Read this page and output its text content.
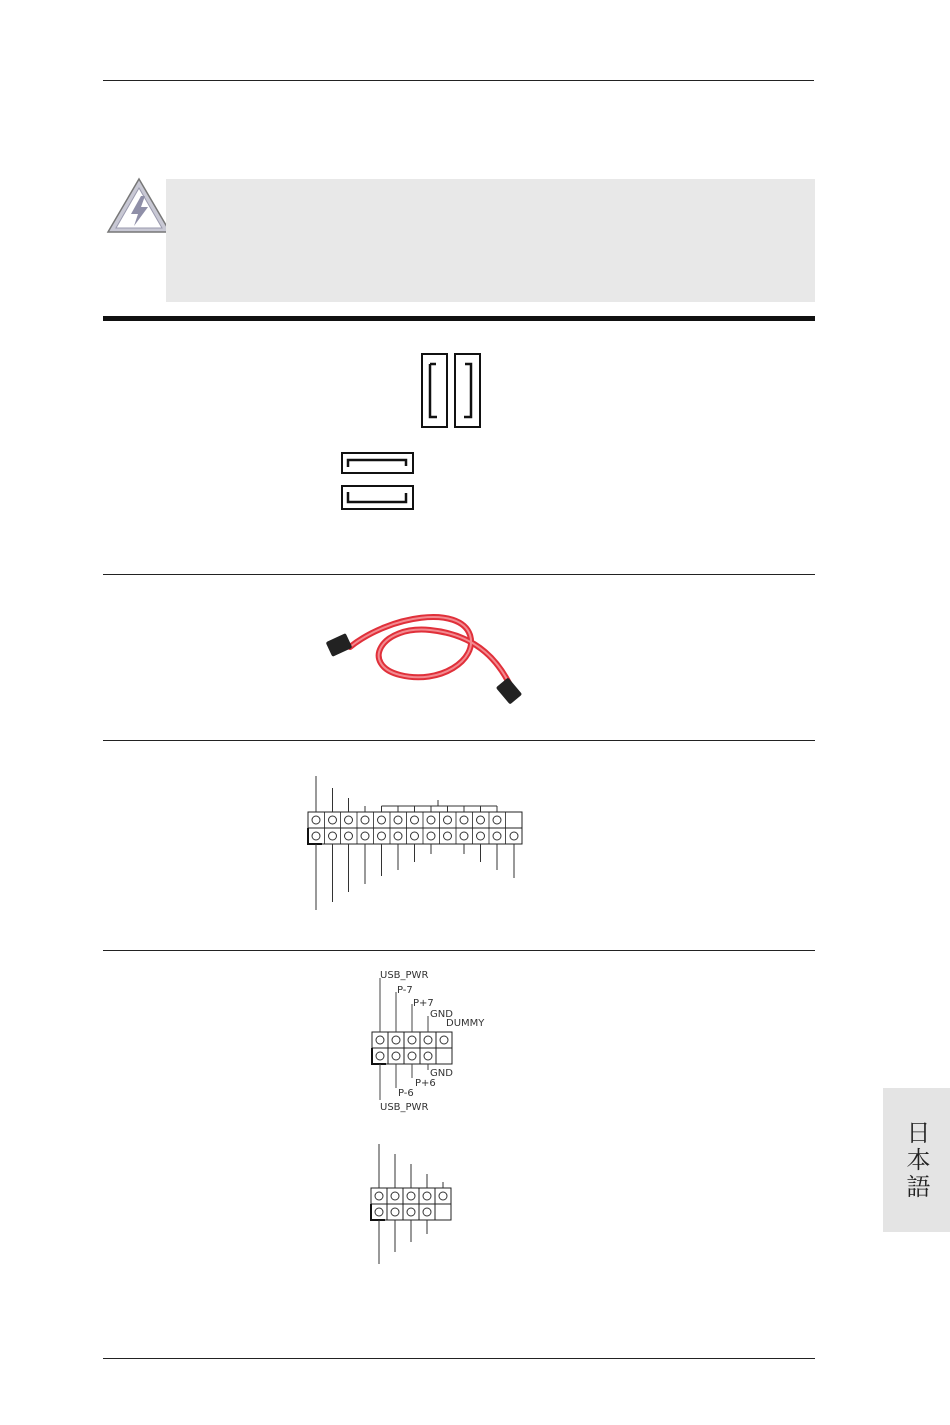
USB_PWR
P-7
P+7
GND
DUMMY
GND
P+6
P-6
USB_PWR
日本語
